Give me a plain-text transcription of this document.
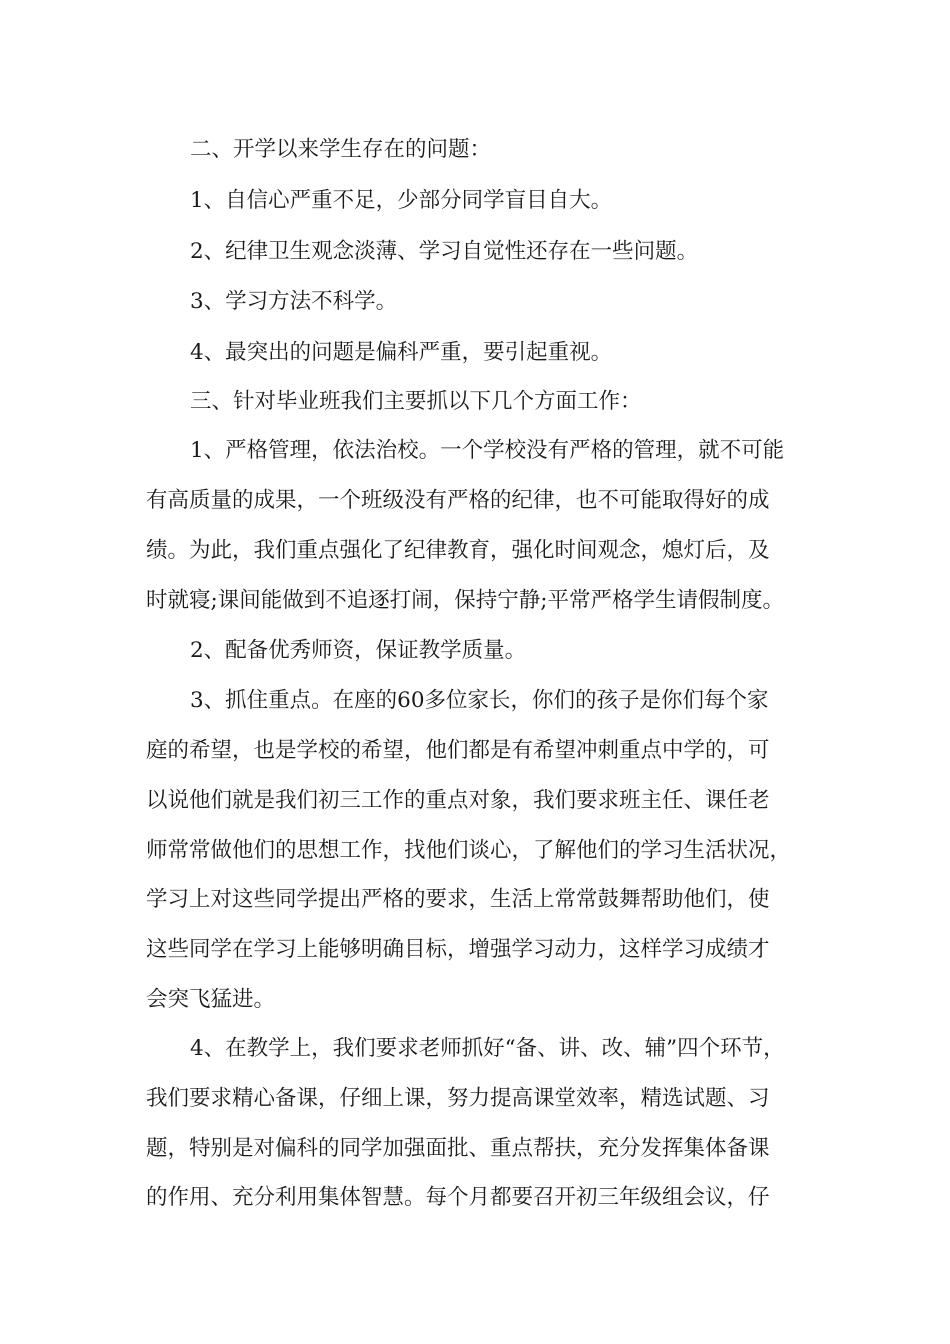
二、开学以来学生存在的问题：
1、自信心严重不足，少部分同学盲目自大。
2、纪律卫生观念淡薄、学习自觉性还存在一些问题。
3、学习方法不科学。
4、最突出的问题是偏科严重，要引起重视。
三、针对毕业班我们主要抓以下几个方面工作：
1、严格管理，依法治校。一个学校没有严格的管理，就不可能
有高质量的成果，一个班级没有严格的纪律，也不可能取得好的成
绩。为此，我们重点强化了纪律教育，强化时间观念，熄灯后，及
时就寝;课间能做到不追逐打闹，保持宁静;平常严格学生请假制度。
2、配备优秀师资，保证教学质量。
3、抓住重点。在座的60多位家长，你们的孩子是你们每个家
庭的希望，也是学校的希望，他们都是有希望冲刺重点中学的，可
以说他们就是我们初三工作的重点对象，我们要求班主任、课任老
师常常做他们的思想工作，找他们谈心，了解他们的学习生活状况，
学习上对这些同学提出严格的要求，生活上常常鼓舞帮助他们，使
这些同学在学习上能够明确目标，增强学习动力，这样学习成绩才
会突飞猛进。
4、在教学上，我们要求老师抓好“备、讲、改、辅”四个环节，
我们要求精心备课，仔细上课，努力提高课堂效率，精选试题、习
题，特别是对偏科的同学加强面批、重点帮扶，充分发挥集体备课
的作用、充分利用集体智慧。每个月都要召开初三年级组会议，仔
